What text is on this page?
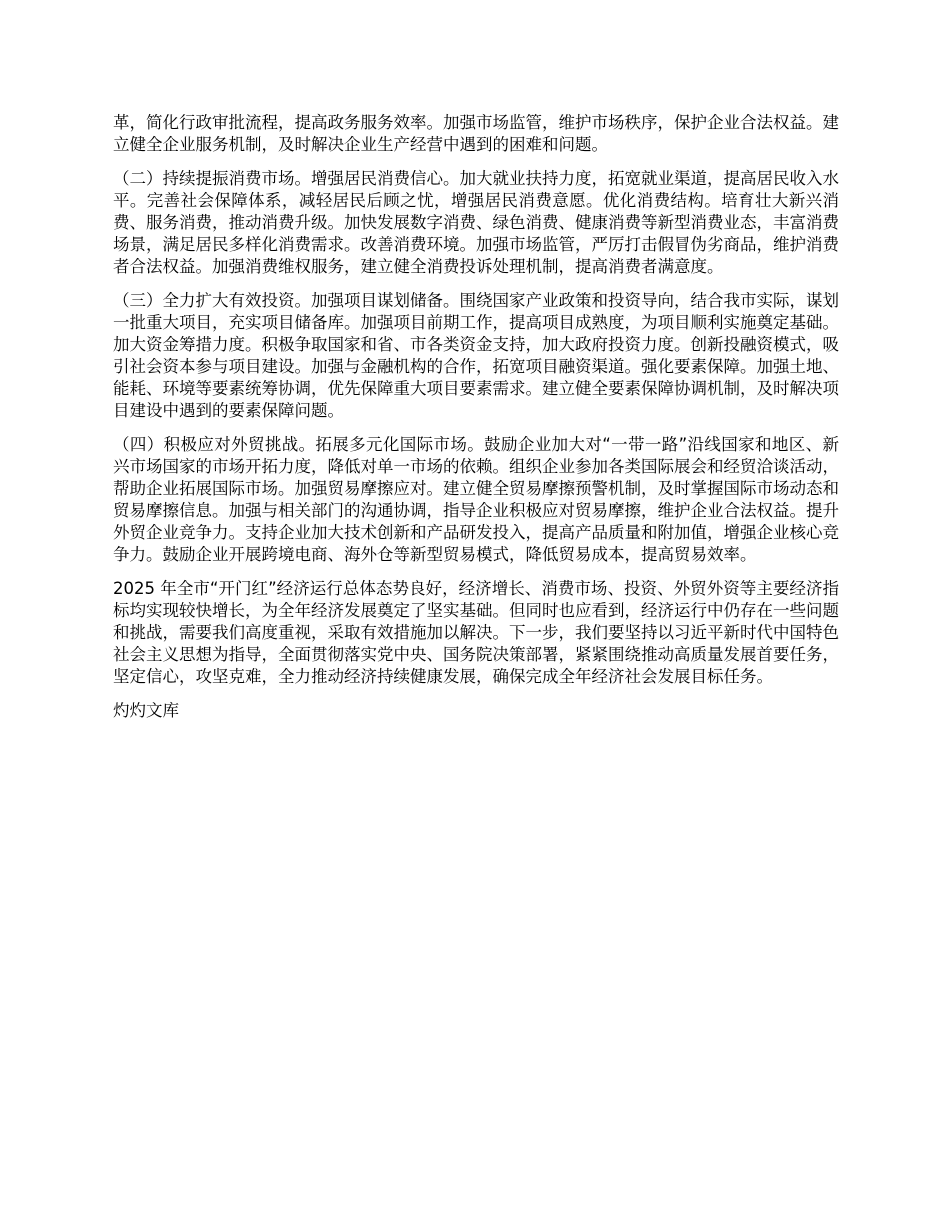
革，简化行政审批流程，提高政务服务效率。加强市场监管，维护市场秩序，保护企业合法权益。建立健全企业服务机制，及时解决企业生产经营中遇到的困难和问题。

（二）持续提振消费市场。增强居民消费信心。加大就业扶持力度，拓宽就业渠道，提高居民收入水平。完善社会保障体系，减轻居民后顾之忧，增强居民消费意愿。优化消费结构。培育壮大新兴消费、服务消费，推动消费升级。加快发展数字消费、绿色消费、健康消费等新型消费业态，丰富消费场景，满足居民多样化消费需求。改善消费环境。加强市场监管，严厉打击假冒伪劣商品，维护消费者合法权益。加强消费维权服务，建立健全消费投诉处理机制，提高消费者满意度。

（三）全力扩大有效投资。加强项目谋划储备。围绕国家产业政策和投资导向，结合我市实际，谋划一批重大项目，充实项目储备库。加强项目前期工作，提高项目成熟度，为项目顺利实施奠定基础。加大资金筹措力度。积极争取国家和省、市各类资金支持，加大政府投资力度。创新投融资模式，吸引社会资本参与项目建设。加强与金融机构的合作，拓宽项目融资渠道。强化要素保障。加强土地、能耗、环境等要素统筹协调，优先保障重大项目要素需求。建立健全要素保障协调机制，及时解决项目建设中遇到的要素保障问题。

（四）积极应对外贸挑战。拓展多元化国际市场。鼓励企业加大对“一带一路”沿线国家和地区、新兴市场国家的市场开拓力度，降低对单一市场的依赖。组织企业参加各类国际展会和经贸洽谈活动，帮助企业拓展国际市场。加强贸易摩擦应对。建立健全贸易摩擦预警机制，及时掌握国际市场动态和贸易摩擦信息。加强与相关部门的沟通协调，指导企业积极应对贸易摩擦，维护企业合法权益。提升外贸企业竞争力。支持企业加大技术创新和产品研发投入，提高产品质量和附加值，增强企业核心竞争力。鼓励企业开展跨境电商、海外仓等新型贸易模式，降低贸易成本，提高贸易效率。

2025 年全市“开门红”经济运行总体态势良好，经济增长、消费市场、投资、外贸外资等主要经济指标均实现较快增长，为全年经济发展奠定了坚实基础。但同时也应看到，经济运行中仍存在一些问题和挑战，需要我们高度重视，采取有效措施加以解决。下一步，我们要坚持以习近平新时代中国特色社会主义思想为指导，全面贯彻落实党中央、国务院决策部署，紧紧围绕推动高质量发展首要任务，坚定信心，攻坚克难，全力推动经济持续健康发展，确保完成全年经济社会发展目标任务。

灼灼文库
